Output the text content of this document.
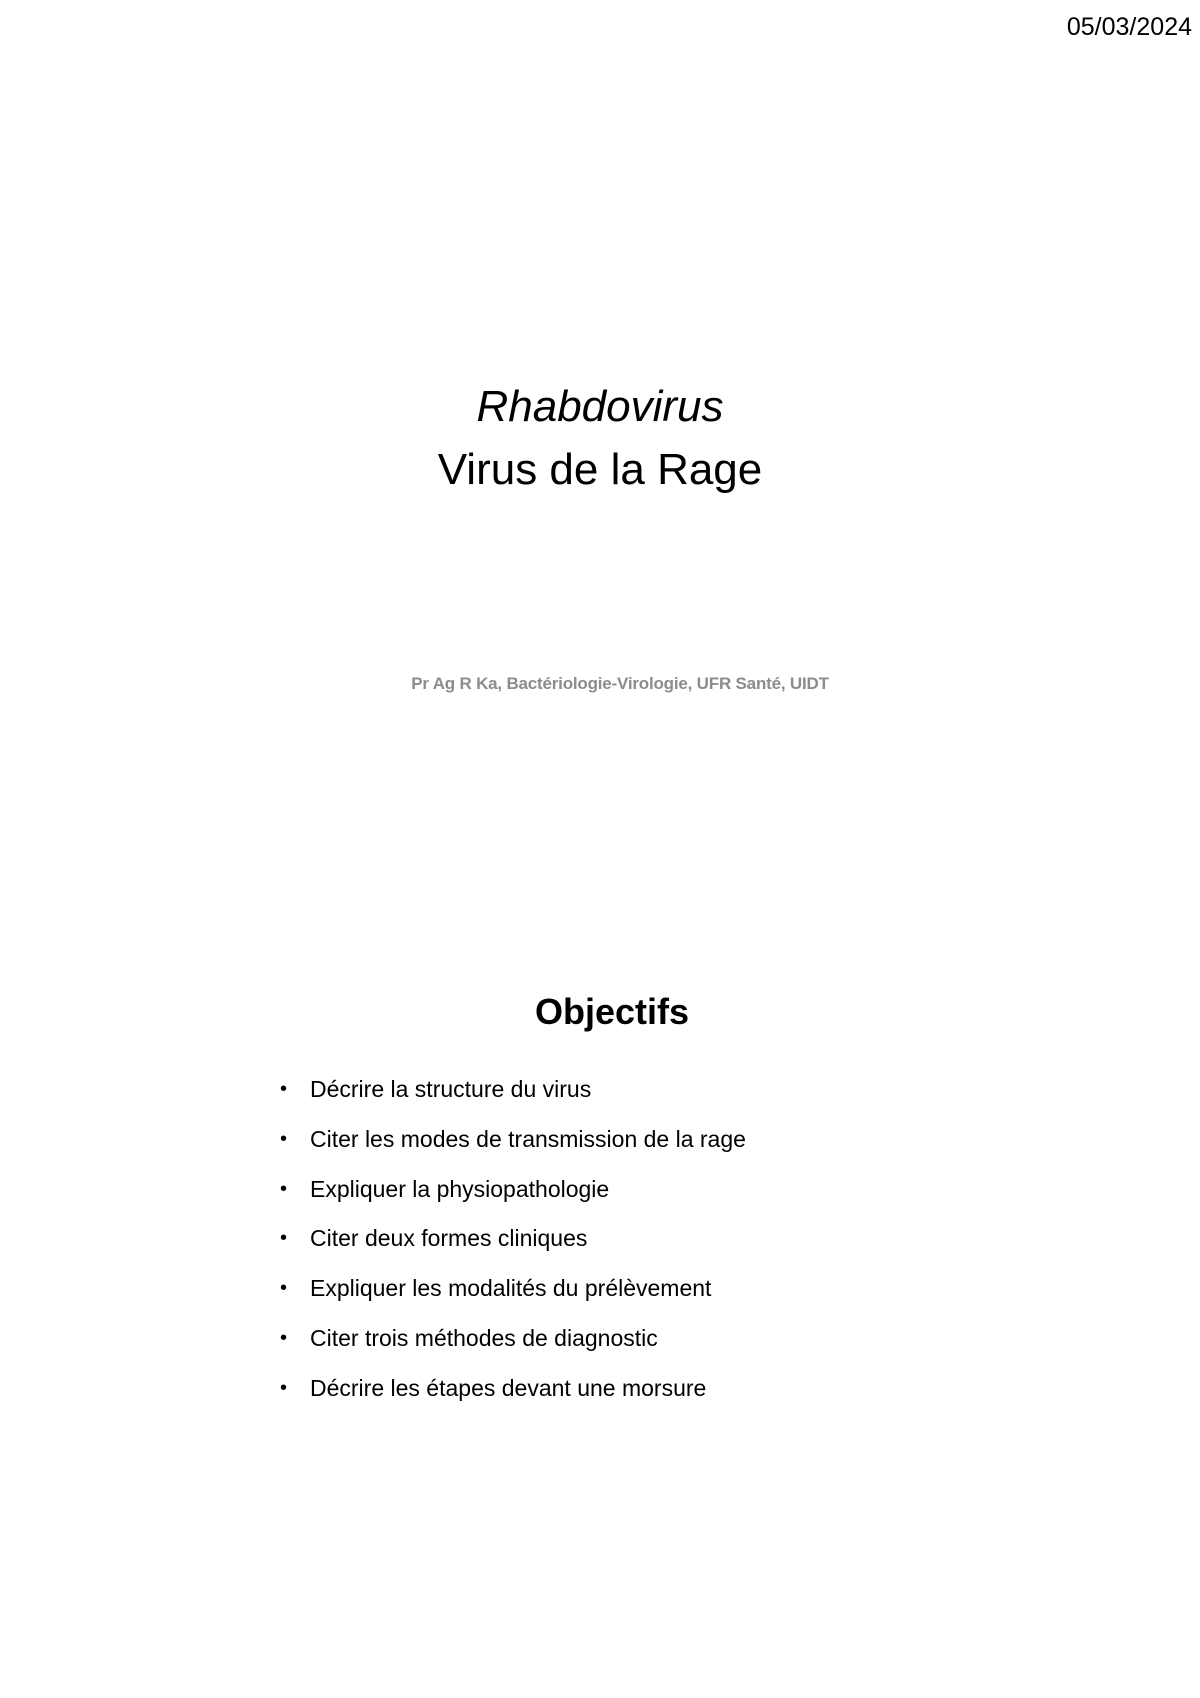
05/03/2024
Rhabdovirus
Virus de la Rage
Pr Ag R Ka, Bactériologie-Virologie, UFR Santé, UIDT
Objectifs
• Décrire la structure du virus
• Citer les modes de transmission de la rage
• Expliquer la physiopathologie
• Citer deux formes cliniques
• Expliquer les modalités du prélèvement
• Citer trois méthodes de diagnostic
• Décrire les étapes devant une morsure
